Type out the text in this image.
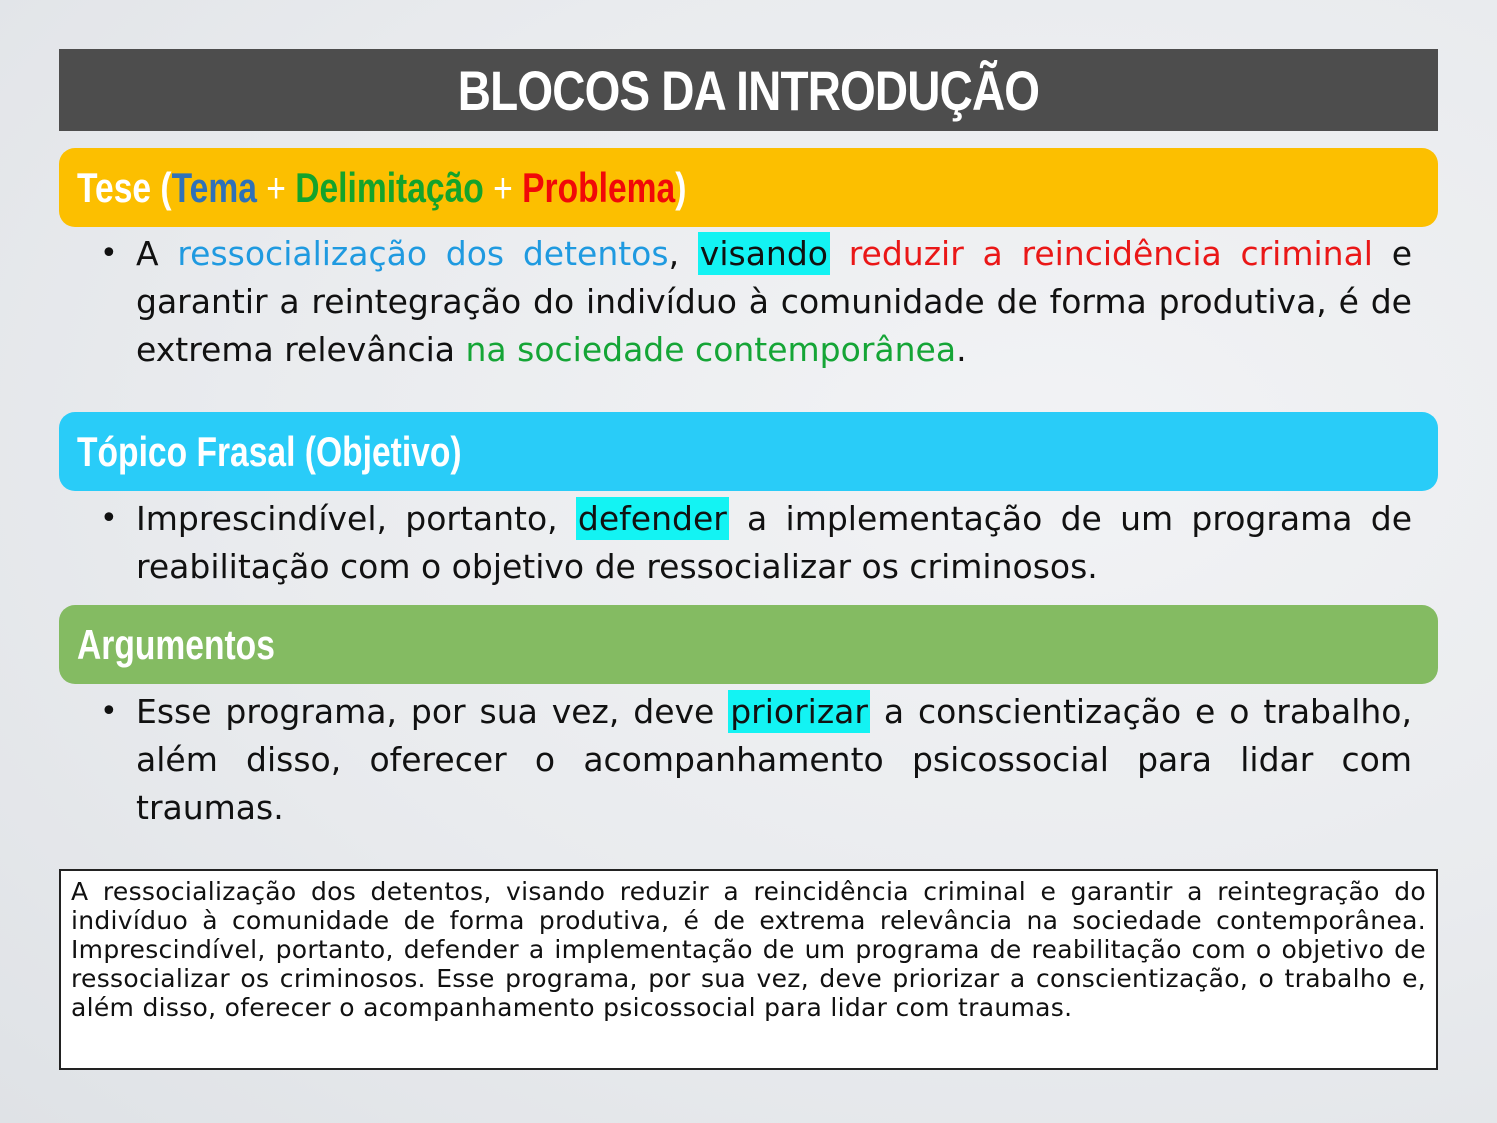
BLOCOS DA INTRODUÇÃO
Tese (Tema + Delimitação + Problema)
• A ressocialização dos detentos, visando reduzir a reincidência criminal e garantir a reintegração do indivíduo à comunidade de forma produtiva, é de extrema relevância na sociedade contemporânea.
Tópico Frasal (Objetivo)
• Imprescindível, portanto, defender a implementação de um programa de reabilitação com o objetivo de ressocializar os criminosos.
Argumentos
• Esse programa, por sua vez, deve priorizar a conscientização e o trabalho, além disso, oferecer o acompanhamento psicossocial para lidar com traumas.

A ressocialização dos detentos, visando reduzir a reincidência criminal e garantir a reintegração do indivíduo à comunidade de forma produtiva, é de extrema relevância na sociedade contemporânea. Imprescindível, portanto, defender a implementação de um programa de reabilitação com o objetivo de ressocializar os criminosos. Esse programa, por sua vez, deve priorizar a conscientização, o trabalho e, além disso, oferecer o acompanhamento psicossocial para lidar com traumas.
